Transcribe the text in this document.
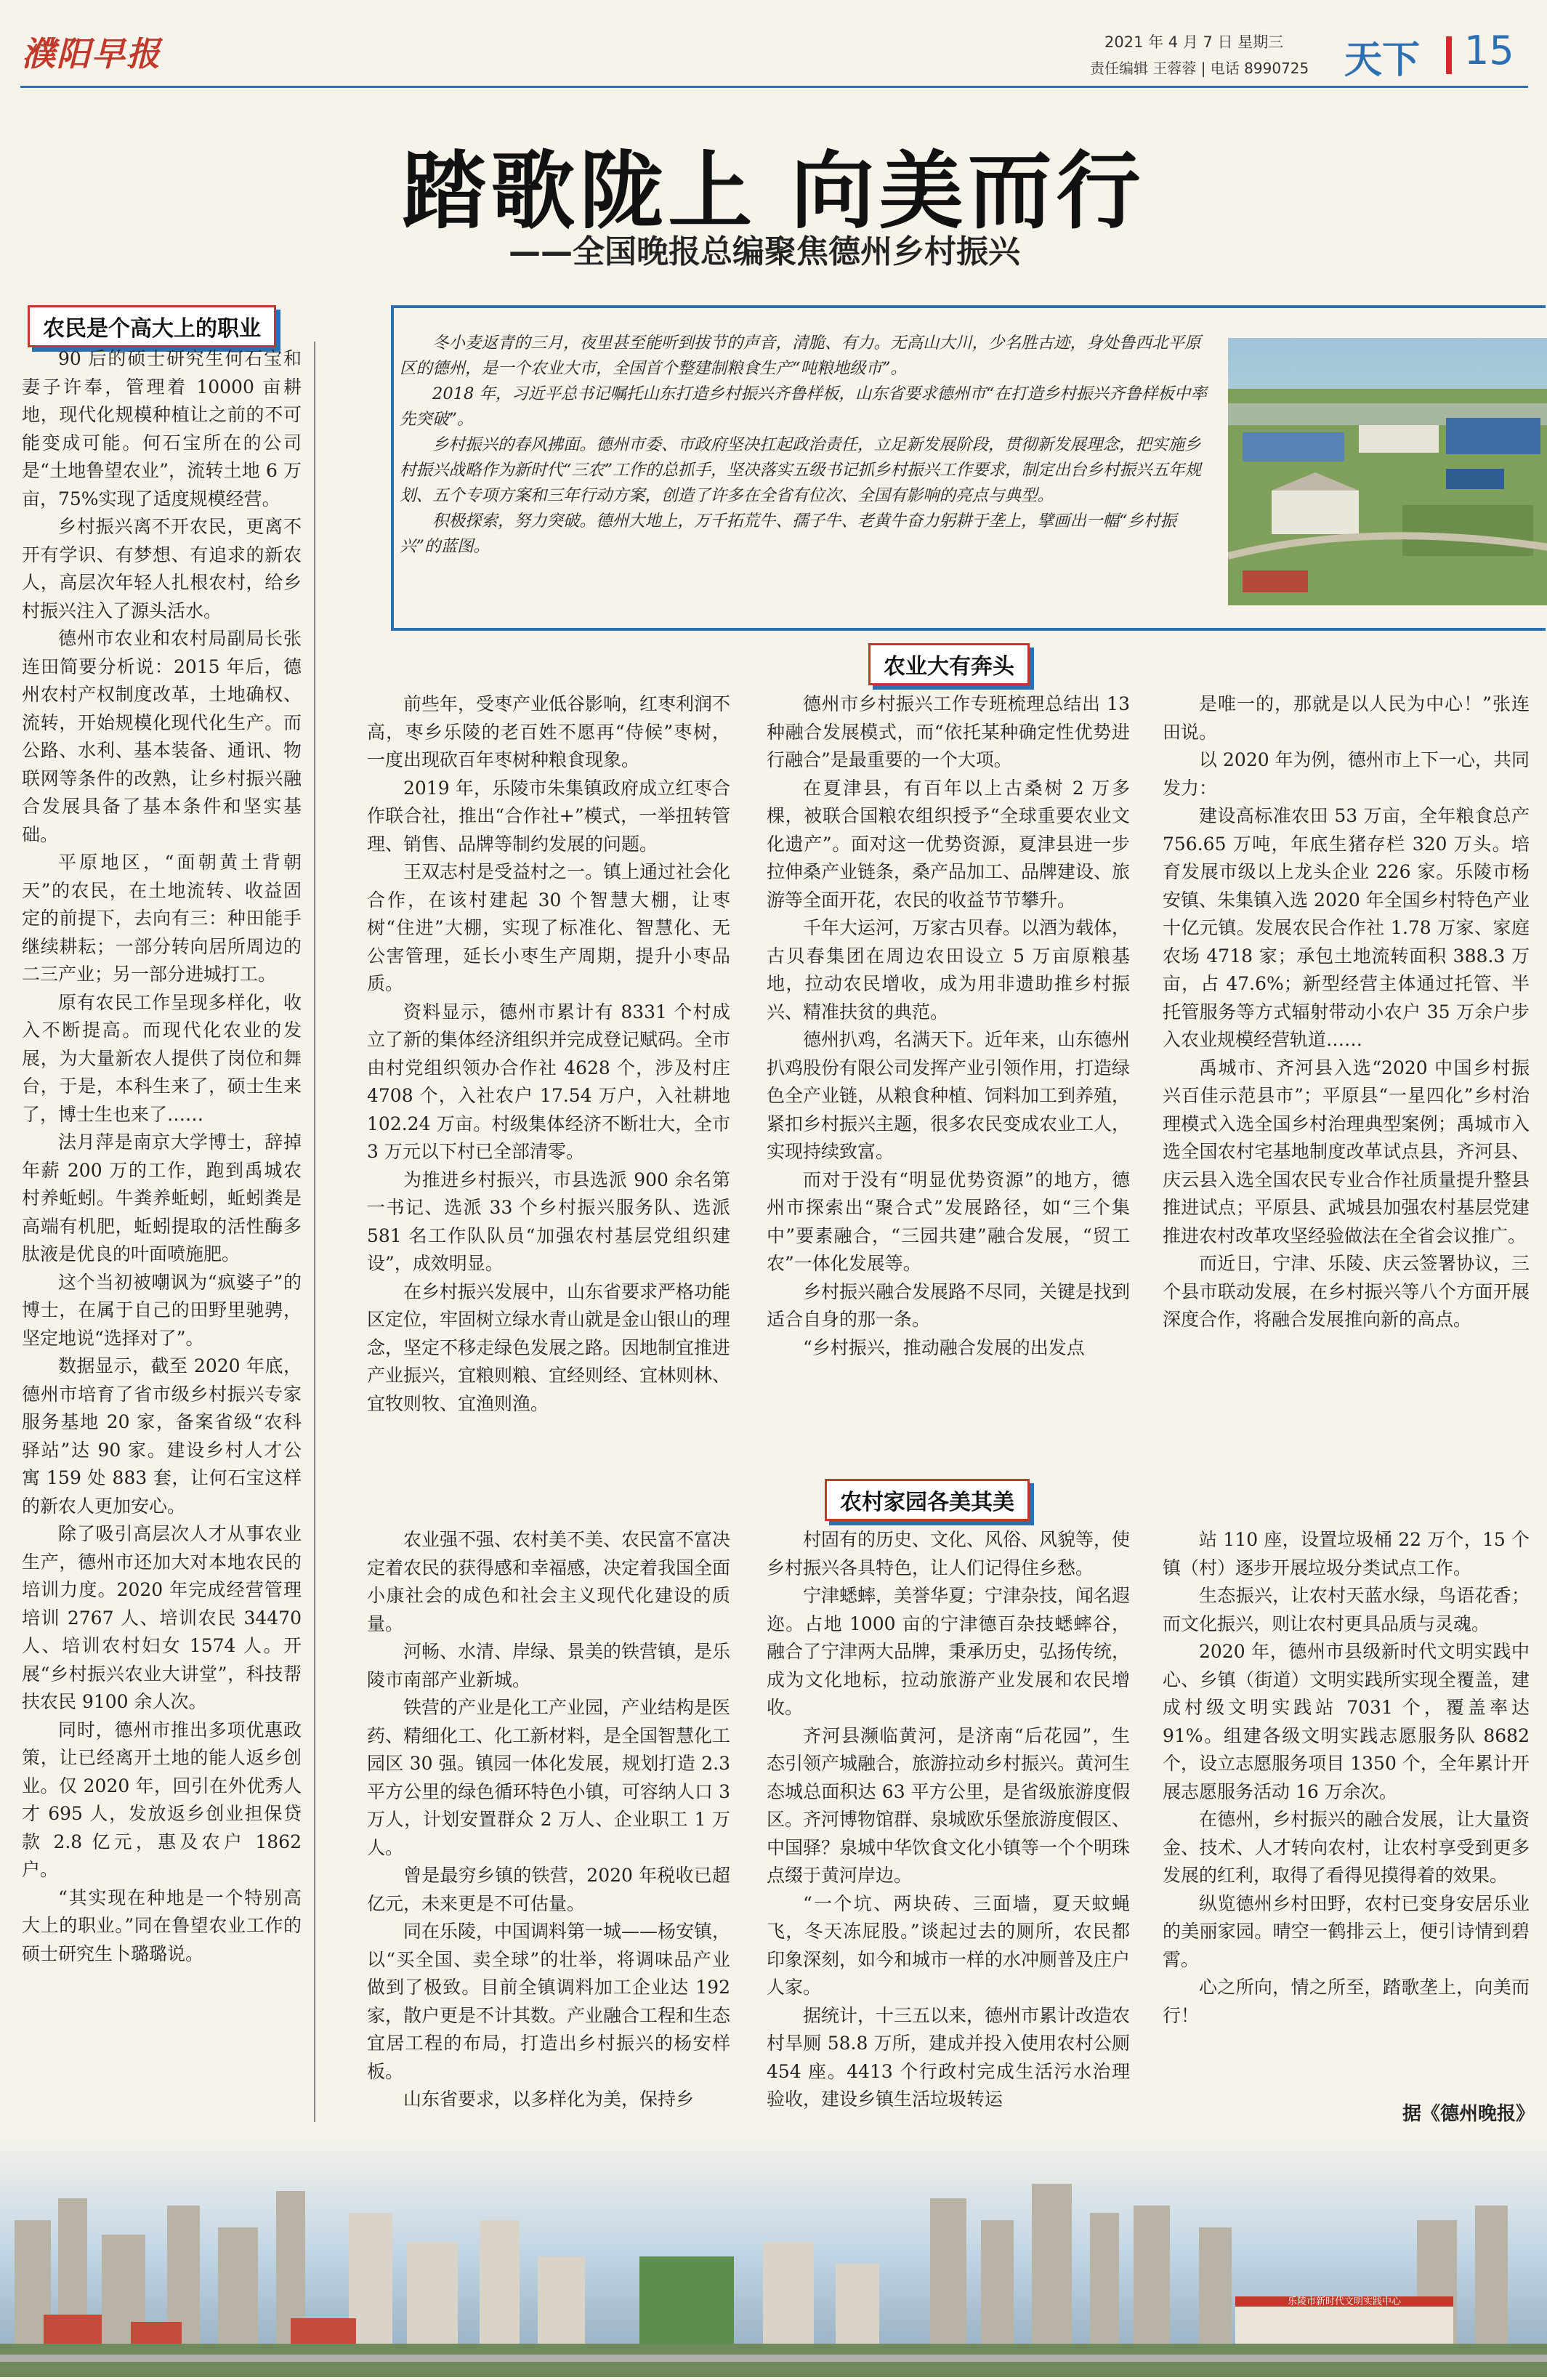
濮阳早报	2021 年 4 月 7 日 星期三
责任编辑 王蓉蓉 | 电话 8990725 天下 15
踏歌陇上 向美而行
——全国晚报总编聚焦德州乡村振兴
农民是个高大上的职业

冬小麦返青的三月，夜里甚至能听到拔节的声音，清脆、有力。无高山大川，少名胜古迹，身处鲁西北平原区的德州，是一个农业大市，全国首个整建制粮食生产“吨粮地级市”。

2018 年，习近平总书记嘱托山东打造乡村振兴齐鲁样板，山东省要求德州市“在打造乡村振兴齐鲁样板中率先突破”。

乡村振兴的春风拂面。德州市委、市政府坚决扛起政治责任，立足新发展阶段，贯彻新发展理念，把实施乡村振兴战略作为新时代“三农”工作的总抓手，坚决落实五级书记抓乡村振兴工作要求，制定出台乡村振兴五年规划、五个专项方案和三年行动方案，创造了许多在全省有位次、全国有影响的亮点与典型。

积极探索，努力突破。德州大地上，万千拓荒牛、孺子牛、老黄牛奋力躬耕于垄上，擘画出一幅“乡村振兴”的蓝图。

90 后的硕士研究生何石宝和妻子许奉，管理着 10000 亩耕地，现代化规模种植让之前的不可能变成可能。何石宝所在的公司是“土地鲁望农业”，流转土地 6 万亩，75%实现了适度规模经营。

乡村振兴离不开农民，更离不开有学识、有梦想、有追求的新农人，高层次年轻人扎根农村，给乡村振兴注入了源头活水。

德州市农业和农村局副局长张连田简要分析说：2015 年后，德州农村产权制度改革，土地确权、流转，开始规模化现代化生产。而公路、水利、基本装备、通讯、物联网等条件的改熟，让乡村振兴融合发展具备了基本条件和坚实基础。

平原地区，“面朝黄土背朝天”的农民，在土地流转、收益固定的前提下，去向有三：种田能手继续耕耘；一部分转向居所周边的二三产业；另一部分进城打工。

原有农民工作呈现多样化，收入不断提高。而现代化农业的发展，为大量新农人提供了岗位和舞台，于是，本科生来了，硕士生来了，博士生也来了……

法月萍是南京大学博士，辞掉年薪 200 万的工作，跑到禹城农村养蚯蚓。牛粪养蚯蚓，蚯蚓粪是高端有机肥，蚯蚓提取的活性酶多肽液是优良的叶面喷施肥。

这个当初被嘲讽为“疯婆子”的博士，在属于自己的田野里驰骋，坚定地说“选择对了”。

数据显示，截至 2020 年底，德州市培育了省市级乡村振兴专家服务基地 20 家，备案省级“农科驿站”达 90 家。建设乡村人才公寓 159 处 883 套，让何石宝这样的新农人更加安心。

除了吸引高层次人才从事农业生产，德州市还加大对本地农民的培训力度。2020 年完成经营管理培训 2767 人、培训农民 34470 人、培训农村妇女 1574 人。开展“乡村振兴农业大讲堂”，科技帮扶农民 9100 余人次。

同时，德州市推出多项优惠政策，让已经离开土地的能人返乡创业。仅 2020 年，回引在外优秀人才 695 人，发放返乡创业担保贷款 2.8 亿元，惠及农户 1862 户。

“其实现在种地是一个特别高大上的职业。”同在鲁望农业工作的硕士研究生卜璐璐说。

农业大有奔头

前些年，受枣产业低谷影响，红枣利润不高，枣乡乐陵的老百姓不愿再“侍候”枣树，一度出现砍百年枣树种粮食现象。

2019 年，乐陵市朱集镇政府成立红枣合作联合社，推出“合作社+”模式，一举扭转管理、销售、品牌等制约发展的问题。

王双志村是受益村之一。镇上通过社会化合作，在该村建起 30 个智慧大棚，让枣树“住进”大棚，实现了标准化、智慧化、无公害管理，延长小枣生产周期，提升小枣品质。

资料显示，德州市累计有 8331 个村成立了新的集体经济组织并完成登记赋码。全市由村党组织领办合作社 4628 个，涉及村庄 4708 个，入社农户 17.54 万户，入社耕地 102.24 万亩。村级集体经济不断壮大，全市 3 万元以下村已全部清零。

为推进乡村振兴，市县选派 900 余名第一书记、选派 33 个乡村振兴服务队、选派 581 名工作队队员“加强农村基层党组织建设”，成效明显。

在乡村振兴发展中，山东省要求严格功能区定位，牢固树立绿水青山就是金山银山的理念，坚定不移走绿色发展之路。因地制宜推进产业振兴，宜粮则粮、宜经则经、宜林则林、宜牧则牧、宜渔则渔。

德州市乡村振兴工作专班梳理总结出 13 种融合发展模式，而“依托某种确定性优势进行融合”是最重要的一个大项。

在夏津县，有百年以上古桑树 2 万多棵，被联合国粮农组织授予“全球重要农业文化遗产”。面对这一优势资源，夏津县进一步拉伸桑产业链条，桑产品加工、品牌建设、旅游等全面开花，农民的收益节节攀升。

千年大运河，万家古贝春。以酒为载体，古贝春集团在周边农田设立 5 万亩原粮基地，拉动农民增收，成为用非遗助推乡村振兴、精准扶贫的典范。

德州扒鸡，名满天下。近年来，山东德州扒鸡股份有限公司发挥产业引领作用，打造绿色全产业链，从粮食种植、饲料加工到养殖，紧扣乡村振兴主题，很多农民变成农业工人，实现持续致富。

而对于没有“明显优势资源”的地方，德州市探索出“聚合式”发展路径，如“三个集中”要素融合，“三园共建”融合发展，“贸工农”一体化发展等。

乡村振兴融合发展路不尽同，关键是找到适合自身的那一条。

“乡村振兴，推动融合发展的出发点

是唯一的，那就是以人民为中心！”张连田说。

以 2020 年为例，德州市上下一心，共同发力：

建设高标准农田 53 万亩，全年粮食总产 756.65 万吨，年底生猪存栏 320 万头。培育发展市级以上龙头企业 226 家。乐陵市杨安镇、朱集镇入选 2020 年全国乡村特色产业十亿元镇。发展农民合作社 1.78 万家、家庭农场 4718 家；承包土地流转面积 388.3 万亩，占 47.6%；新型经营主体通过托管、半托管服务等方式辐射带动小农户 35 万余户步入农业规模经营轨道……

禹城市、齐河县入选“2020 中国乡村振兴百佳示范县市”；平原县“一星四化”乡村治理模式入选全国乡村治理典型案例；禹城市入选全国农村宅基地制度改革试点县，齐河县、庆云县入选全国农民专业合作社质量提升整县推进试点；平原县、武城县加强农村基层党建推进农村改革攻坚经验做法在全省会议推广。

而近日，宁津、乐陵、庆云签署协议，三个县市联动发展，在乡村振兴等八个方面开展深度合作，将融合发展推向新的高点。

农村家园各美其美

农业强不强、农村美不美、农民富不富决定着农民的获得感和幸福感，决定着我国全面小康社会的成色和社会主义现代化建设的质量。

河畅、水清、岸绿、景美的铁营镇，是乐陵市南部产业新城。

铁营的产业是化工产业园，产业结构是医药、精细化工、化工新材料，是全国智慧化工园区 30 强。镇园一体化发展，规划打造 2.3 平方公里的绿色循环特色小镇，可容纳人口 3 万人，计划安置群众 2 万人、企业职工 1 万人。

曾是最穷乡镇的铁营，2020 年税收已超亿元，未来更是不可估量。

同在乐陵，中国调料第一城——杨安镇，以“买全国、卖全球”的壮举，将调味品产业做到了极致。目前全镇调料加工企业达 192 家，散户更是不计其数。产业融合工程和生态宜居工程的布局，打造出乡村振兴的杨安样板。

山东省要求，以多样化为美，保持乡

村固有的历史、文化、风俗、风貌等，使乡村振兴各具特色，让人们记得住乡愁。

宁津蟋蟀，美誉华夏；宁津杂技，闻名遐迩。占地 1000 亩的宁津德百杂技蟋蟀谷，融合了宁津两大品牌，秉承历史，弘扬传统，成为文化地标，拉动旅游产业发展和农民增收。

齐河县濒临黄河，是济南“后花园”，生态引领产城融合，旅游拉动乡村振兴。黄河生态城总面积达 63 平方公里，是省级旅游度假区。齐河博物馆群、泉城欧乐堡旅游度假区、中国驿？泉城中华饮食文化小镇等一个个明珠点缀于黄河岸边。

“一个坑、两块砖、三面墙，夏天蚊蝇飞，冬天冻屁股。”谈起过去的厕所，农民都印象深刻，如今和城市一样的水冲厕普及庄户人家。

据统计，十三五以来，德州市累计改造农村旱厕 58.8 万所，建成并投入使用农村公厕 454 座。4413 个行政村完成生活污水治理验收，建设乡镇生活垃圾转运

站 110 座，设置垃圾桶 22 万个，15 个镇（村）逐步开展垃圾分类试点工作。

生态振兴，让农村天蓝水绿，鸟语花香；而文化振兴，则让农村更具品质与灵魂。

2020 年，德州市县级新时代文明实践中心、乡镇（街道）文明实践所实现全覆盖，建成村级文明实践站 7031 个，覆盖率达 91%。组建各级文明实践志愿服务队 8682 个，设立志愿服务项目 1350 个，全年累计开展志愿服务活动 16 万余次。

在德州，乡村振兴的融合发展，让大量资金、技术、人才转向农村，让农村享受到更多发展的红利，取得了看得见摸得着的效果。

纵览德州乡村田野，农村已变身安居乐业的美丽家园。晴空一鹤排云上，便引诗情到碧霄。

心之所向，情之所至，踏歌垄上，向美而行！

据《德州晚报》
乐陵市新时代文明实践中心
